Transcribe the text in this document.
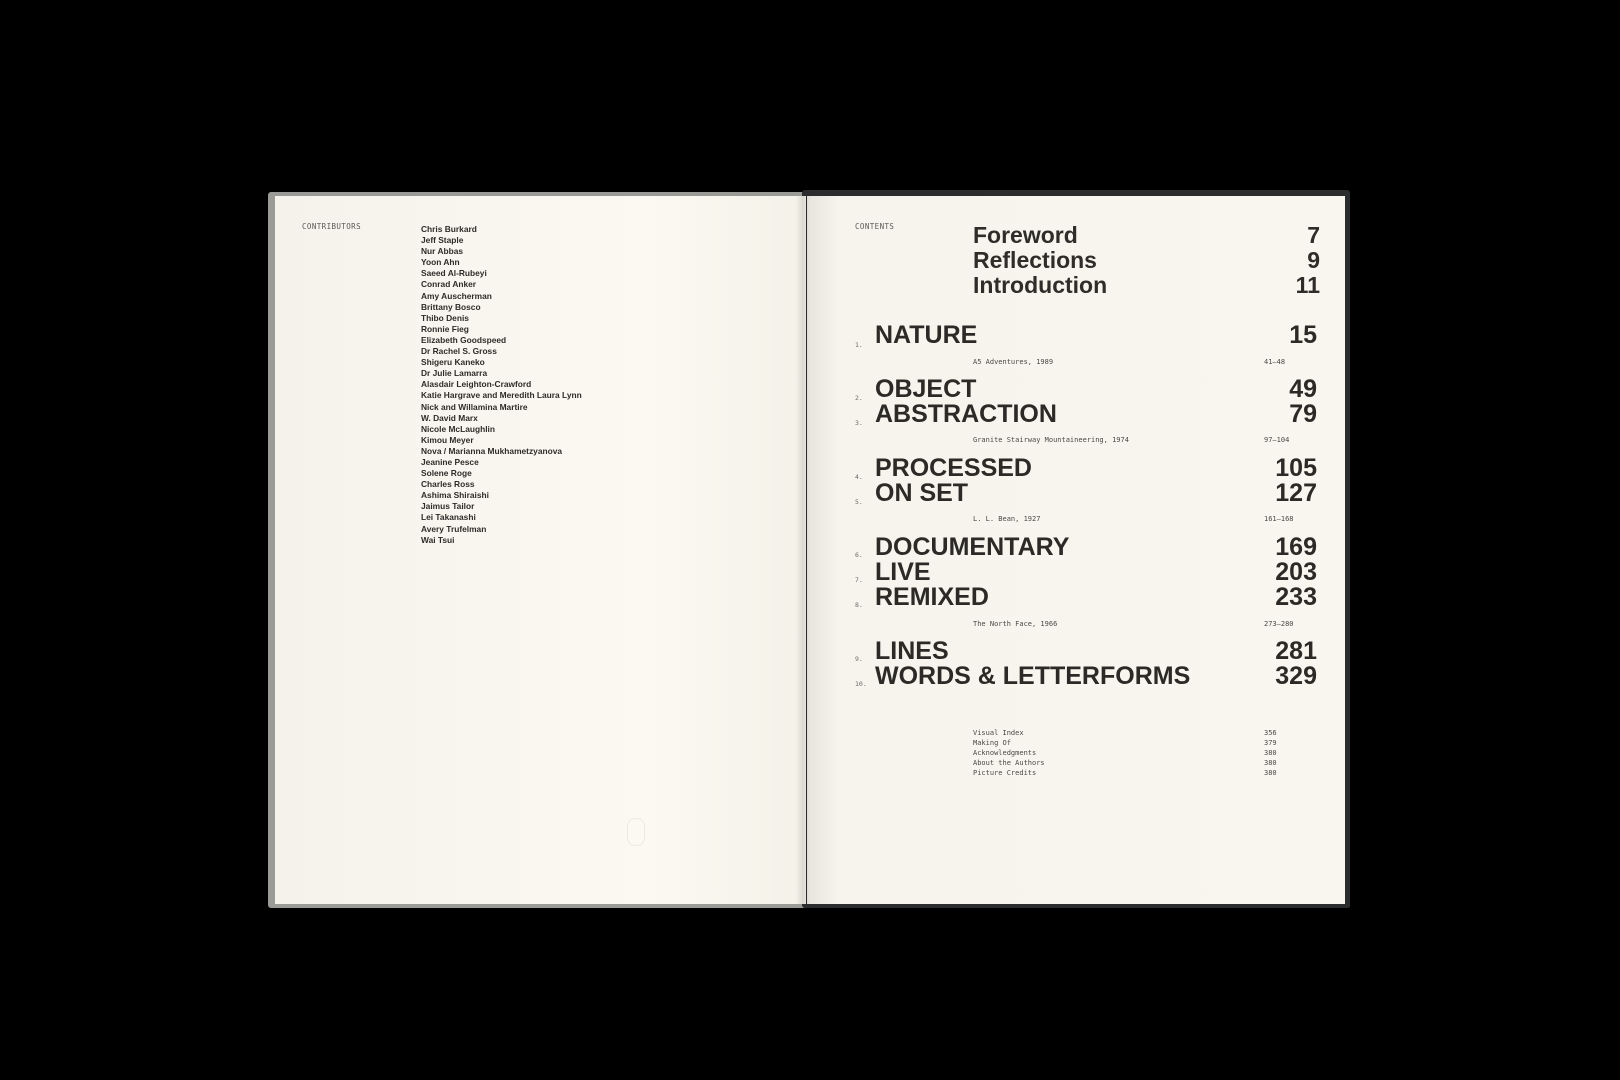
CONTRIBUTORS	Chris Burkard
Jeff Staple
Nur Abbas
Yoon Ahn
Saeed Al-Rubeyi
Conrad Anker
Amy Auscherman
Brittany Bosco
Thibo Denis
Ronnie Fieg
Elizabeth Goodspeed
Dr Rachel S. Gross
Shigeru Kaneko
Dr Julie Lamarra
Alasdair Leighton-Crawford
Katie Hargrave and Meredith Laura Lynn
Nick and Willamina Martire
W. David Marx
Nicole McLaughlin
Kimou Meyer
Nova / Marianna Mukhametzyanova
Jeanine Pesce
Solene Roge
Charles Ross
Ashima Shiraishi
Jaimus Tailor
Lei Takanashi
Avery Trufelman
Wai Tsui
CONTENTS	Foreword	7
Reflections	9
Introduction	11
1. NATURE	15
A5 Adventures, 1989	41–48
2. OBJECT	49
3. ABSTRACTION	79
Granite Stairway Mountaineering, 1974	97–104
4. PROCESSED	105
5. ON SET	127
L. L. Bean, 1927	161–168
6. DOCUMENTARY	169
7. LIVE	203
8. REMIXED	233
The North Face, 1966	273–280
9. LINES	281
10. WORDS & LETTERFORMS	329
Visual Index	356
Making Of	379
Acknowledgments	380
About the Authors	380
Picture Credits	380
